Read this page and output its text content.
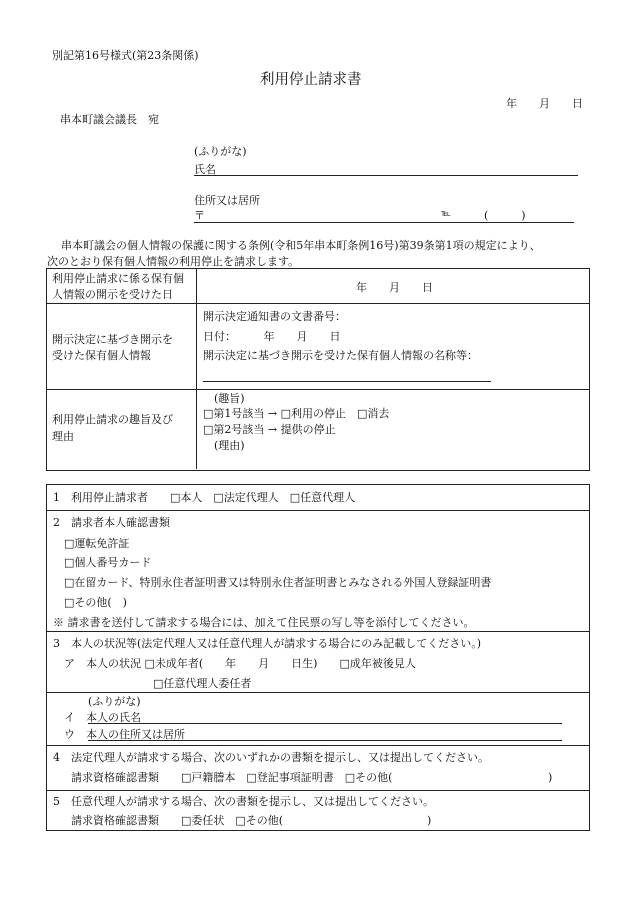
別記第16号様式(第23条関係)
利用停止請求書
年　　月　　日
串本町議会議長　宛
(ふりがな)
氏名
住所又は居所
〒	℡	(　　　)
串本町議会の個人情報の保護に関する条例(令和5年串本町条例16号)第39条第1項の規定により、
次のとおり保有個人情報の利用停止を請求します。
利用停止請求に係る保有個
人情報の開示を受けた日
年　　月　　日
開示決定に基づき開示を
受けた保有個人情報
開示決定通知書の文書番号：
日付：　　　年　　月　　日
開示決定に基づき開示を受けた保有個人情報の名称等：
利用停止請求の趣旨及び
理由
(趣旨)
□第1号該当 → □利用の停止　□消去
□第2号該当 → 提供の停止
(理由)
1　利用停止請求者　　□本人　□法定代理人　□任意代理人
2　請求者本人確認書類
□運転免許証
□個人番号カード
□在留カード、特別永住者証明書又は特別永住者証明書とみなされる外国人登録証明書
□その他(　)
※ 請求書を送付して請求する場合には、加えて住民票の写し等を添付してください。
3　本人の状況等(法定代理人又は任意代理人が請求する場合にのみ記載してください。)
ア　本人の状況 □未成年者(　　年　　月　　日生)　　□成年被後見人
□任意代理人委任者
(ふりがな)
イ　本人の氏名
ウ　本人の住所又は居所
4　法定代理人が請求する場合、次のいずれかの書類を提示し、又は提出してください。
請求資格確認書類　　□戸籍謄本　□登記事項証明書　□その他(	)
5　任意代理人が請求する場合、次の書類を提示し、又は提出してください。
請求資格確認書類　　□委任状　□その他(	)
